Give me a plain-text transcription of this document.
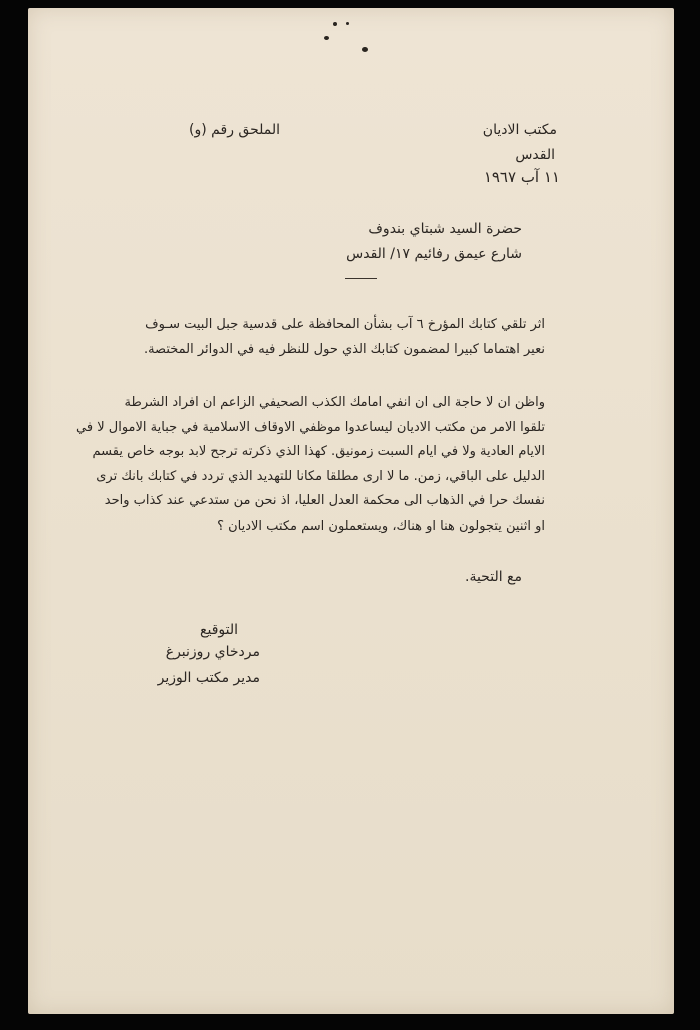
مكتب الاديان
القدس
١١ آب ١٩٦٧
الملحق رقم (و)
حضرة السيد شبتاي بندوف
شارع عيمق رفائيم ١٧/ القدس
اثر تلقي كتابك المؤرخ ٦ آب بشأن المحافظة على قدسية جبل البيت سـوف
نعير اهتماما كبيرا لمضمون كتابك الذي حول للنظر فيه في الدوائر المختصة.
واظن ان لا حاجة الى ان انفي امامك الكذب الصحيفي الزاعم ان افراد الشرطة
تلقوا الامر من مكتب الاديان ليساعدوا موظفي الاوقاف الاسلامية في جباية الاموال لا في
الايام العادية ولا في ايام السبت زمونيق. كهذا الذي ذكرته ترجح لابد بوجه خاص يقسم
الدليل على الباقي، زمن. ما لا ارى مطلقا مكانا للتهديد الذي تردد في كتابك بانك ترى
نفسك حرا في الذهاب الى محكمة العدل العليا، اذ نحن من ستدعي عند كذاب واحد
او اثنين يتجولون هنا او هناك، ويستعملون اسم مكتب الاديان ؟
مع التحية.
التوقيع
مردخاي روزنبرغ
مدير مكتب الوزير
